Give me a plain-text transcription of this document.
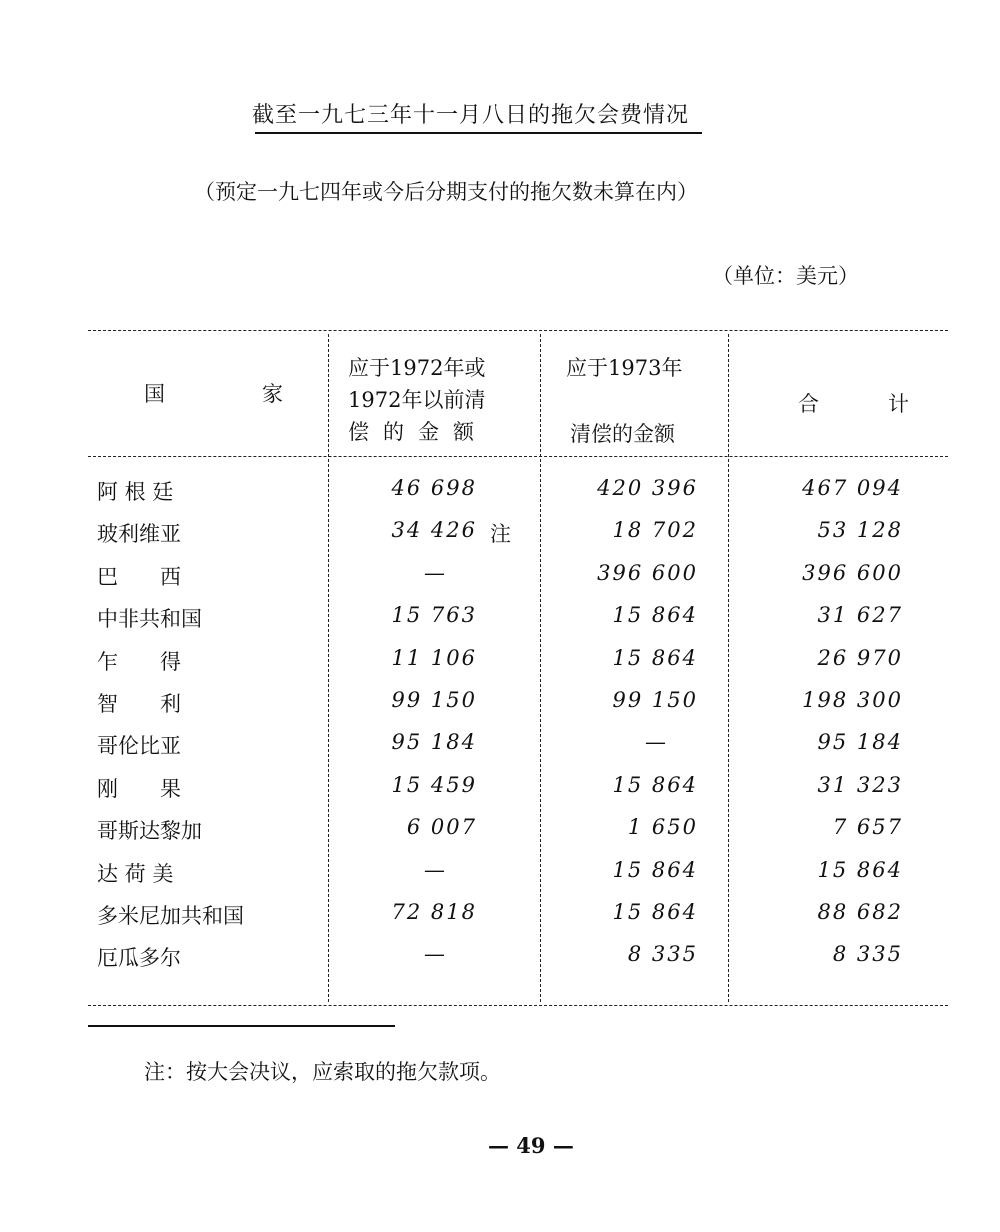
截至一九七三年十一月八日的拖欠会费情况
（预定一九七四年或今后分期支付的拖欠数未算在内）
（单位：美元）
国	家
应于1972年或
1972年以前清
偿的金额
应于1973年
清偿的金额
合	计
阿 根 廷	46 698	420 396	467 094
玻利维亚	34 426 注	18 702	53 128
巴　　西	—	396 600	396 600
中非共和国	15 763	15 864	31 627
乍　　得	11 106	15 864	26 970
智　　利	99 150	99 150	198 300
哥伦比亚	95 184	—	95 184
刚　　果	15 459	15 864	31 323
哥斯达黎加	6 007	1 650	7 657
达 荷 美	—	15 864	15 864
多米尼加共和国	72 818	15 864	88 682
厄瓜多尔	—	8 335	8 335
注：按大会决议，应索取的拖欠款项。
— 49 —
